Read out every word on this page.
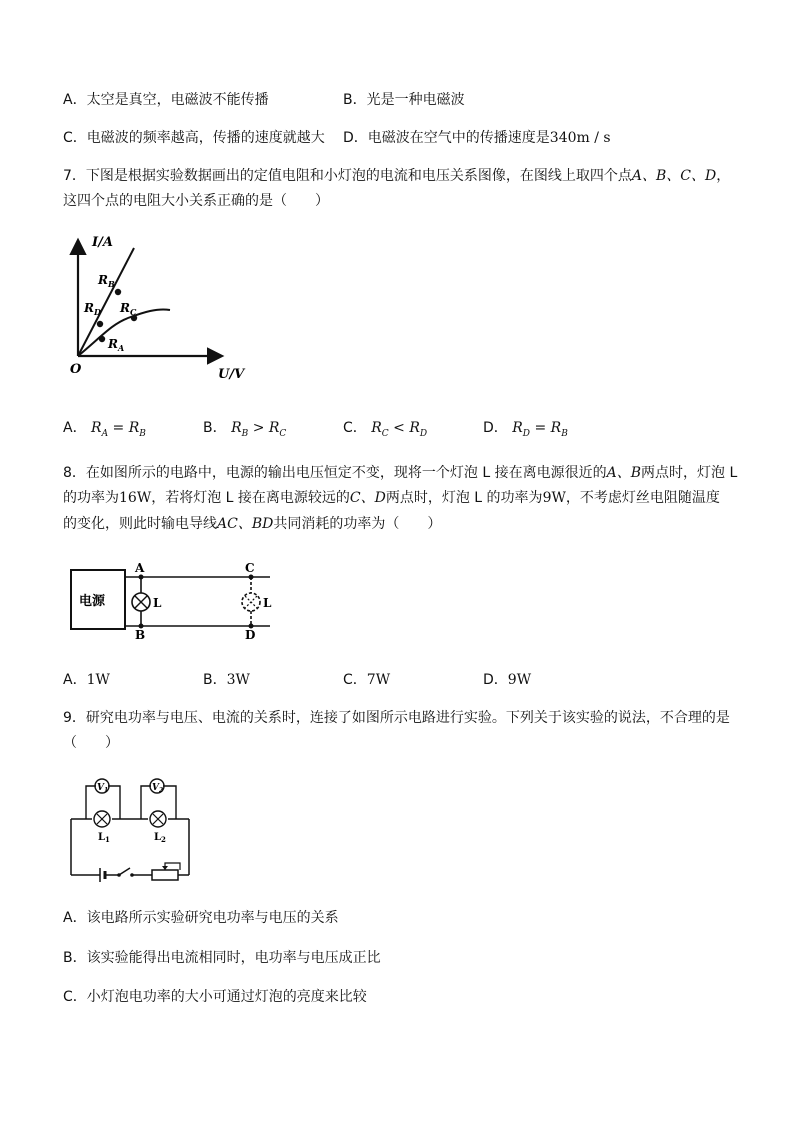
A．太空是真空，电磁波不能传播	B．光是一种电磁波
C．电磁波的频率越高，传播的速度就越大 D．电磁波在空气中的传播速度是340m / s
7．下图是根据实验数据画出的定值电阻和小灯泡的电流和电压关系图像，在图线上取四个点A、B、C、D，
这四个点的电阻大小关系正确的是（　　）
I/A
U/V
O
$R_B$
$R_D$ $R_C$
$R_A$
A． $R_A = R_B$	B． $R_B > R_C$	C． $R_C < R_D$	D． $R_D = R_B$
8．在如图所示的电路中，电源的输出电压恒定不变，现将一个灯泡 L 接在离电源很近的A、B两点时，灯泡 L
的功率为16W，若将灯泡 L 接在离电源较远的C、D两点时，灯泡 L 的功率为9W，不考虑灯丝电阻随温度
的变化，则此时输电导线AC、BD共同消耗的功率为（　　）
电源
A
B
C
D
L	L
A．1W	B．3W	C．7W	D．9W
9．研究电功率与电压、电流的关系时，连接了如图所示电路进行实验。下列关于该实验的说法，不合理的是
（　　）
$V_1$	$V_2$
$L_1$	$L_2$
A．该电路所示实验研究电功率与电压的关系
B．该实验能得出电流相同时，电功率与电压成正比
C．小灯泡电功率的大小可通过灯泡的亮度来比较
